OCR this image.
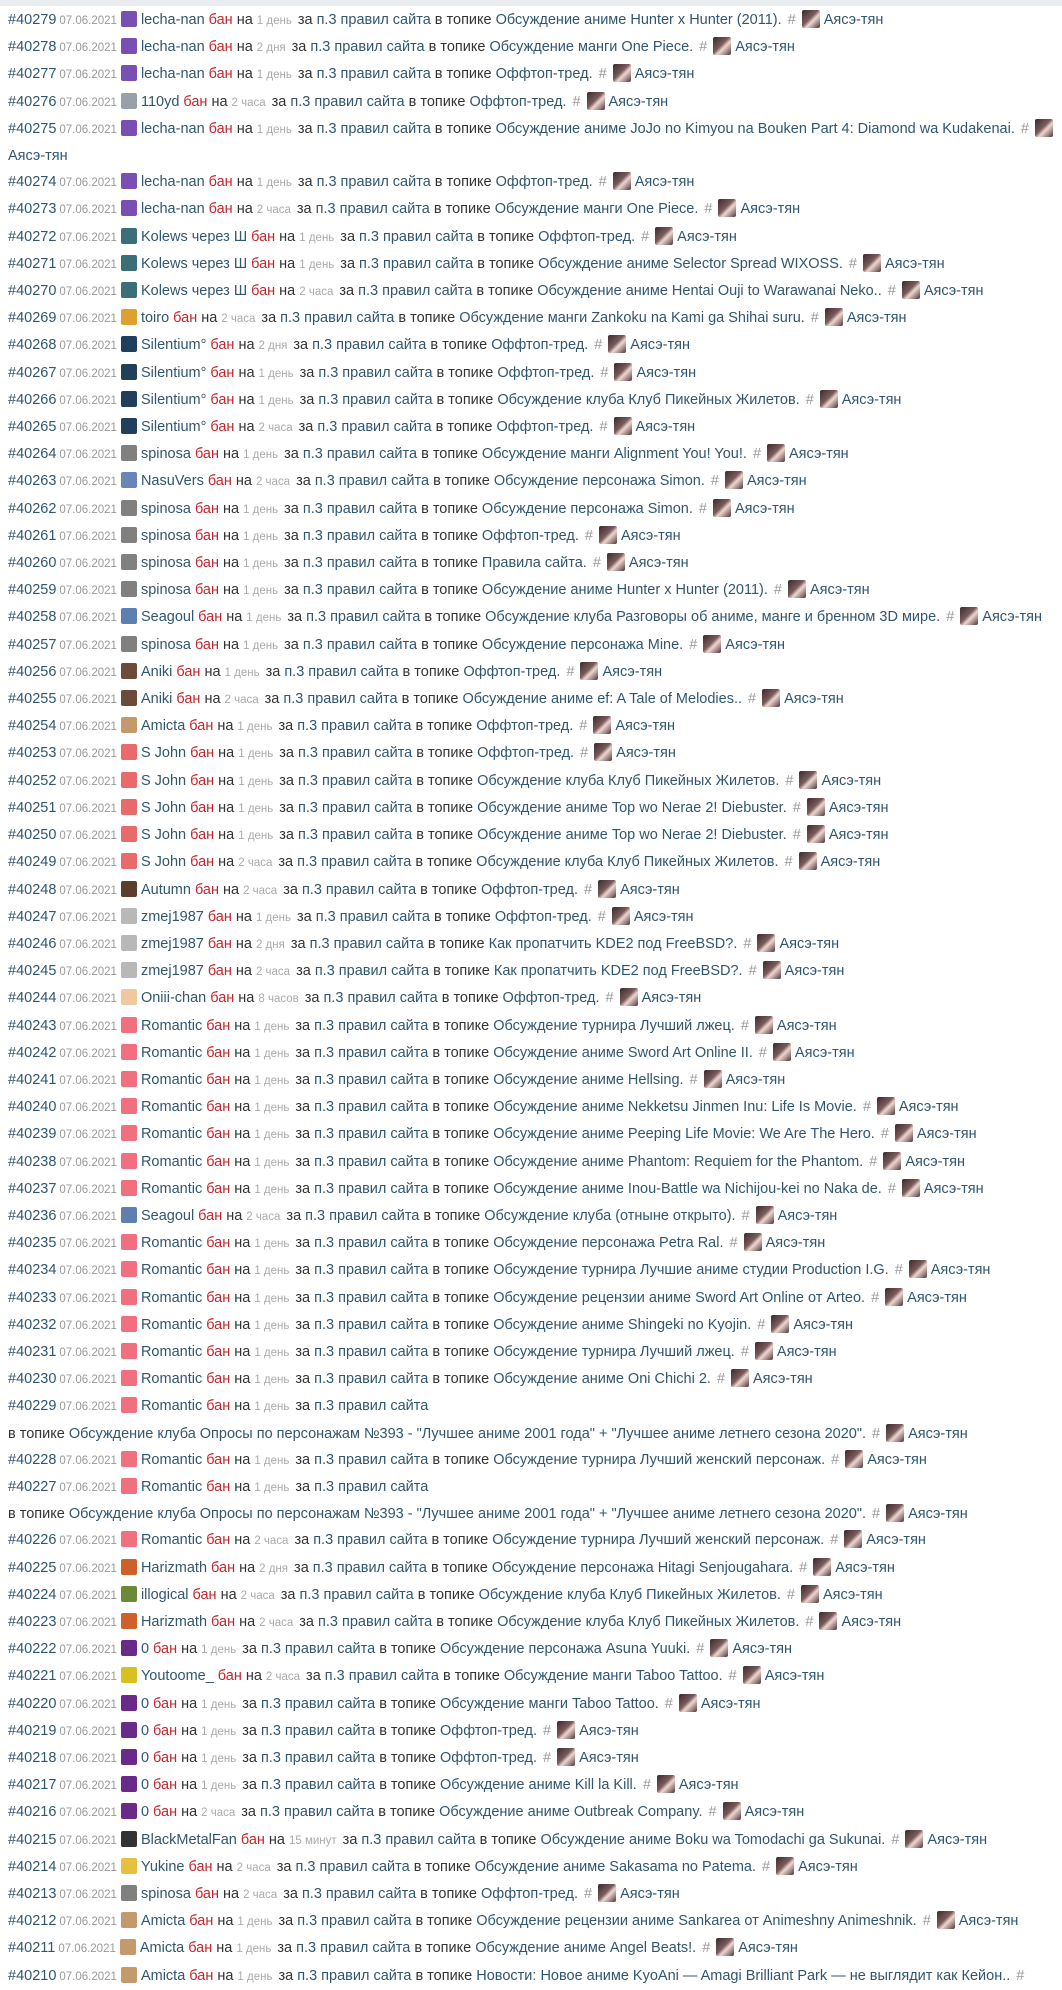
#40279 07.06.2021 lecha-nan бан на 1 день за п.3 правил сайта в топике Обсуждение аниме Hunter x Hunter (2011). # Аясэ-тян
#40278 07.06.2021 lecha-nan бан на 2 дня за п.3 правил сайта в топике Обсуждение манги One Piece. # Аясэ-тян
#40277 07.06.2021 lecha-nan бан на 1 день за п.3 правил сайта в топике Оффтоп-тред. # Аясэ-тян
#40276 07.06.2021 110yd бан на 2 часа за п.3 правил сайта в топике Оффтоп-тред. # Аясэ-тян
#40275 07.06.2021 lecha-nan бан на 1 день за п.3 правил сайта в топике Обсуждение аниме JoJo no Kimyou na Bouken Part 4: Diamond wa Kudakenai. #Аясэ-тян
#40274 07.06.2021 lecha-nan бан на 1 день за п.3 правил сайта в топике Оффтоп-тред. # Аясэ-тян
#40273 07.06.2021 lecha-nan бан на 2 часа за п.3 правил сайта в топике Обсуждение манги One Piece. # Аясэ-тян
#40272 07.06.2021 Kolews через Ш бан на 1 день за п.3 правил сайта в топике Оффтоп-тред. # Аясэ-тян
#40271 07.06.2021 Kolews через Ш бан на 1 день за п.3 правил сайта в топике Обсуждение аниме Selector Spread WIXOSS. # Аясэ-тян
#40270 07.06.2021 Kolews через Ш бан на 2 часа за п.3 правил сайта в топике Обсуждение аниме Hentai Ouji to Warawanai Neko.. # Аясэ-тян
#40269 07.06.2021 toiro бан на 2 часа за п.3 правил сайта в топике Обсуждение манги Zankoku na Kami ga Shihai suru. # Аясэ-тян
#40268 07.06.2021 Silentium° бан на 2 дня за п.3 правил сайта в топике Оффтоп-тред. # Аясэ-тян
#40267 07.06.2021 Silentium° бан на 1 день за п.3 правил сайта в топике Оффтоп-тред. # Аясэ-тян
#40266 07.06.2021 Silentium° бан на 1 день за п.3 правил сайта в топике Обсуждение клуба Клуб Пикейных Жилетов. # Аясэ-тян
#40265 07.06.2021 Silentium° бан на 2 часа за п.3 правил сайта в топике Оффтоп-тред. # Аясэ-тян
#40264 07.06.2021 spinosa бан на 1 день за п.3 правил сайта в топике Обсуждение манги Alignment You! You!. # Аясэ-тян
#40263 07.06.2021 NasuVers бан на 2 часа за п.3 правил сайта в топике Обсуждение персонажа Simon. # Аясэ-тян
#40262 07.06.2021 spinosa бан на 1 день за п.3 правил сайта в топике Обсуждение персонажа Simon. # Аясэ-тян
#40261 07.06.2021 spinosa бан на 1 день за п.3 правил сайта в топике Оффтоп-тред. # Аясэ-тян
#40260 07.06.2021 spinosa бан на 1 день за п.3 правил сайта в топике Правила сайта. # Аясэ-тян
#40259 07.06.2021 spinosa бан на 1 день за п.3 правил сайта в топике Обсуждение аниме Hunter x Hunter (2011). # Аясэ-тян
#40258 07.06.2021 Seagoul бан на 1 день за п.3 правил сайта в топике Обсуждение клуба Разговоры об аниме, манге и бренном 3D мире. # Аясэ-тян
#40257 07.06.2021 spinosa бан на 1 день за п.3 правил сайта в топике Обсуждение персонажа Mine. # Аясэ-тян
#40256 07.06.2021 Aniki бан на 1 день за п.3 правил сайта в топике Оффтоп-тред. # Аясэ-тян
#40255 07.06.2021 Aniki бан на 2 часа за п.3 правил сайта в топике Обсуждение аниме ef: A Tale of Melodies.. # Аясэ-тян
#40254 07.06.2021 Amicta бан на 1 день за п.3 правил сайта в топике Оффтоп-тред. # Аясэ-тян
#40253 07.06.2021 S John бан на 1 день за п.3 правил сайта в топике Оффтоп-тред. # Аясэ-тян
#40252 07.06.2021 S John бан на 1 день за п.3 правил сайта в топике Обсуждение клуба Клуб Пикейных Жилетов. # Аясэ-тян
#40251 07.06.2021 S John бан на 1 день за п.3 правил сайта в топике Обсуждение аниме Top wo Nerae 2! Diebuster. # Аясэ-тян
#40250 07.06.2021 S John бан на 1 день за п.3 правил сайта в топике Обсуждение аниме Top wo Nerae 2! Diebuster. # Аясэ-тян
#40249 07.06.2021 S John бан на 2 часа за п.3 правил сайта в топике Обсуждение клуба Клуб Пикейных Жилетов. # Аясэ-тян
#40248 07.06.2021 Autumn бан на 2 часа за п.3 правил сайта в топике Оффтоп-тред. # Аясэ-тян
#40247 07.06.2021 zmej1987 бан на 1 день за п.3 правил сайта в топике Оффтоп-тред. # Аясэ-тян
#40246 07.06.2021 zmej1987 бан на 2 дня за п.3 правил сайта в топике Как пропатчить KDE2 под FreeBSD?. # Аясэ-тян
#40245 07.06.2021 zmej1987 бан на 2 часа за п.3 правил сайта в топике Как пропатчить KDE2 под FreeBSD?. # Аясэ-тян
#40244 07.06.2021 Oniii-chan бан на 8 часов за п.3 правил сайта в топике Оффтоп-тред. # Аясэ-тян
#40243 07.06.2021 Romantic бан на 1 день за п.3 правил сайта в топике Обсуждение турнира Лучший лжец. # Аясэ-тян
#40242 07.06.2021 Romantic бан на 1 день за п.3 правил сайта в топике Обсуждение аниме Sword Art Online II. # Аясэ-тян
#40241 07.06.2021 Romantic бан на 1 день за п.3 правил сайта в топике Обсуждение аниме Hellsing. # Аясэ-тян
#40240 07.06.2021 Romantic бан на 1 день за п.3 правил сайта в топике Обсуждение аниме Nekketsu Jinmen Inu: Life Is Movie. # Аясэ-тян
#40239 07.06.2021 Romantic бан на 1 день за п.3 правил сайта в топике Обсуждение аниме Peeping Life Movie: We Are The Hero. # Аясэ-тян
#40238 07.06.2021 Romantic бан на 1 день за п.3 правил сайта в топике Обсуждение аниме Phantom: Requiem for the Phantom. # Аясэ-тян
#40237 07.06.2021 Romantic бан на 1 день за п.3 правил сайта в топике Обсуждение аниме Inou-Battle wa Nichijou-kei no Naka de. # Аясэ-тян
#40236 07.06.2021 Seagoul бан на 2 часа за п.3 правил сайта в топике Обсуждение клуба (отныне открыто). # Аясэ-тян
#40235 07.06.2021 Romantic бан на 1 день за п.3 правил сайта в топике Обсуждение персонажа Petra Ral. # Аясэ-тян
#40234 07.06.2021 Romantic бан на 1 день за п.3 правил сайта в топике Обсуждение турнира Лучшие аниме студии Production I.G. # Аясэ-тян
#40233 07.06.2021 Romantic бан на 1 день за п.3 правил сайта в топике Обсуждение рецензии аниме Sword Art Online от Arteo. # Аясэ-тян
#40232 07.06.2021 Romantic бан на 1 день за п.3 правил сайта в топике Обсуждение аниме Shingeki no Kyojin. # Аясэ-тян
#40231 07.06.2021 Romantic бан на 1 день за п.3 правил сайта в топике Обсуждение турнира Лучший лжец. # Аясэ-тян
#40230 07.06.2021 Romantic бан на 1 день за п.3 правил сайта в топике Обсуждение аниме Oni Chichi 2. # Аясэ-тян
#40229 07.06.2021 Romantic бан на 1 день за п.3 правил сайта
в топике Обсуждение клуба Опросы по персонажам №393 - "Лучшее аниме 2001 года" + "Лучшее аниме летнего сезона 2020". # Аясэ-тян
#40228 07.06.2021 Romantic бан на 1 день за п.3 правил сайта в топике Обсуждение турнира Лучший женский персонаж. # Аясэ-тян
#40227 07.06.2021 Romantic бан на 1 день за п.3 правил сайта
в топике Обсуждение клуба Опросы по персонажам №393 - "Лучшее аниме 2001 года" + "Лучшее аниме летнего сезона 2020". # Аясэ-тян
#40226 07.06.2021 Romantic бан на 2 часа за п.3 правил сайта в топике Обсуждение турнира Лучший женский персонаж. # Аясэ-тян
#40225 07.06.2021 Harizmath бан на 2 дня за п.3 правил сайта в топике Обсуждение персонажа Hitagi Senjougahara. # Аясэ-тян
#40224 07.06.2021 illogical бан на 2 часа за п.3 правил сайта в топике Обсуждение клуба Клуб Пикейных Жилетов. # Аясэ-тян
#40223 07.06.2021 Harizmath бан на 2 часа за п.3 правил сайта в топике Обсуждение клуба Клуб Пикейных Жилетов. # Аясэ-тян
#40222 07.06.2021 0 бан на 1 день за п.3 правил сайта в топике Обсуждение персонажа Asuna Yuuki. # Аясэ-тян
#40221 07.06.2021 Youtoome_ бан на 2 часа за п.3 правил сайта в топике Обсуждение манги Taboo Tattoo. # Аясэ-тян
#40220 07.06.2021 0 бан на 1 день за п.3 правил сайта в топике Обсуждение манги Taboo Tattoo. # Аясэ-тян
#40219 07.06.2021 0 бан на 1 день за п.3 правил сайта в топике Оффтоп-тред. # Аясэ-тян
#40218 07.06.2021 0 бан на 1 день за п.3 правил сайта в топике Оффтоп-тред. # Аясэ-тян
#40217 07.06.2021 0 бан на 1 день за п.3 правил сайта в топике Обсуждение аниме Kill la Kill. # Аясэ-тян
#40216 07.06.2021 0 бан на 2 часа за п.3 правил сайта в топике Обсуждение аниме Outbreak Company. # Аясэ-тян
#40215 07.06.2021 BlackMetalFan бан на 15 минут за п.3 правил сайта в топике Обсуждение аниме Boku wa Tomodachi ga Sukunai. # Аясэ-тян
#40214 07.06.2021 Yukine бан на 2 часа за п.3 правил сайта в топике Обсуждение аниме Sakasama no Patema. # Аясэ-тян
#40213 07.06.2021 spinosa бан на 2 часа за п.3 правил сайта в топике Оффтоп-тред. # Аясэ-тян
#40212 07.06.2021 Amicta бан на 1 день за п.3 правил сайта в топике Обсуждение рецензии аниме Sankarea от Animeshny Animeshnik. # Аясэ-тян
#40211 07.06.2021 Amicta бан на 1 день за п.3 правил сайта в топике Обсуждение аниме Angel Beats!. # Аясэ-тян
#40210 07.06.2021 Amicta бан на 1 день за п.3 правил сайта в топике Новости: Новое аниме KyoAni — Amagi Brilliant Park — не выглядит как Кейон.. #
